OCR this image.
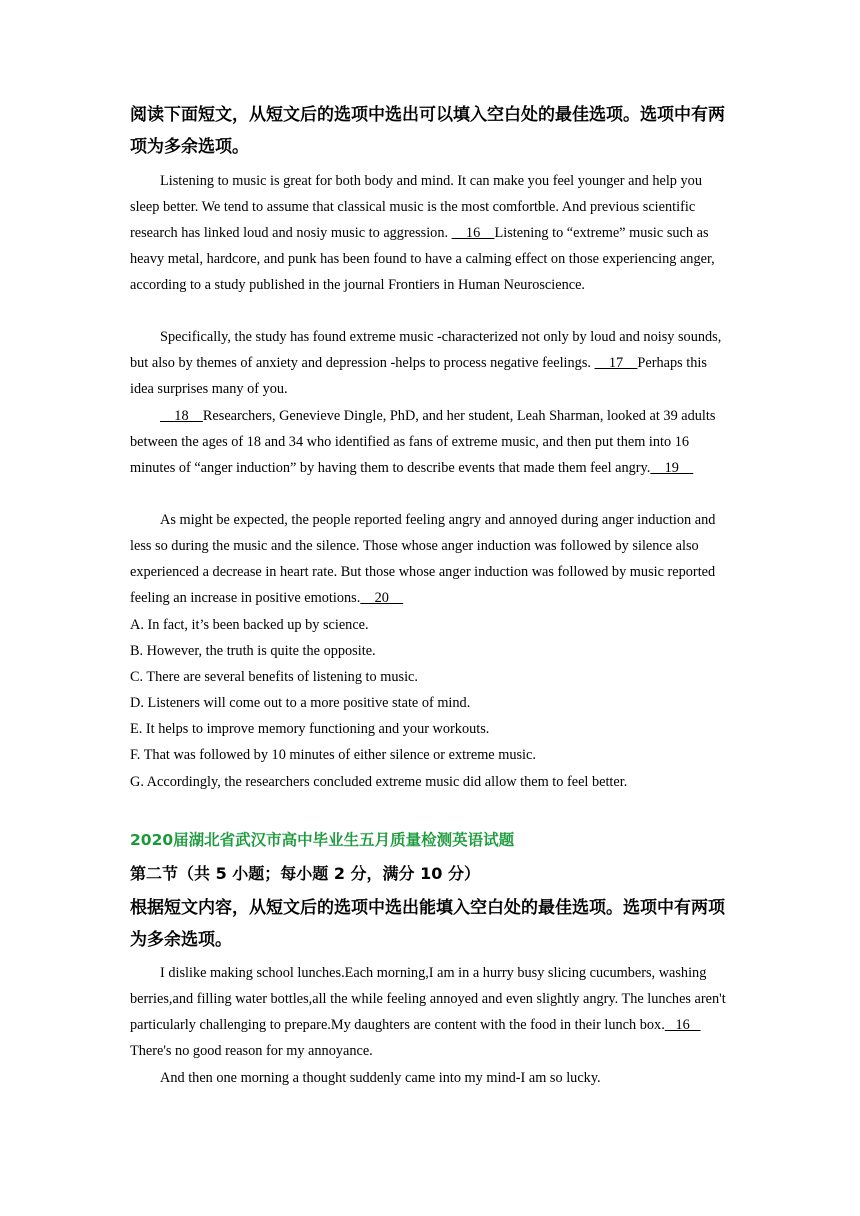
阅读下面短文，从短文后的选项中选出可以填入空白处的最佳选项。选项中有两项为多余选项。

Listening to music is great for both body and mind. It can make you feel younger and help you sleep better. We tend to assume that classical music is the most comfortble. And previous scientific research has linked loud and nosiy music to aggression.     16    Listening to “extreme” music such as heavy metal, hardcore, and punk has been found to have a calming effect on those experiencing anger, according to a study published in the journal Frontiers in Human Neuroscience.

Specifically, the study has found extreme music -characterized not only by loud and noisy sounds, but also by themes of anxiety and depression -helps to process negative feelings.     17    Perhaps this idea surprises many of you.

18    Researchers, Genevieve Dingle, PhD, and her student, Leah Sharman, looked at 39 adults between the ages of 18 and 34 who identified as fans of extreme music, and then put them into 16 minutes of “anger induction” by having them to describe events that made them feel angry.    19

As might be expected, the people reported feeling angry and annoyed during anger induction and less so during the music and the silence. Those whose anger induction was followed by silence also experienced a decrease in heart rate. But those whose anger induction was followed by music reported feeling an increase in positive emotions.    20

A. In fact, it’s been backed up by science.
B. However, the truth is quite the opposite.
C. There are several benefits of listening to music.
D. Listeners will come out to a more positive state of mind.
E. It helps to improve memory functioning and your workouts.
F. That was followed by 10 minutes of either silence or extreme music.
G. Accordingly, the researchers concluded extreme music did allow them to feel better.
2020届湖北省武汉市高中毕业生五月质量检测英语试题
第二节（共 5 小题；每小题 2 分，满分 10 分）
根据短文内容，从短文后的选项中选出能填入空白处的最佳选项。选项中有两项为多余选项。

I dislike making school lunches.Each morning,I am in a hurry busy slicing cucumbers, washing berries,and filling water bottles,all the while feeling annoyed and even slightly angry. The lunches aren't particularly challenging to prepare.My daughters are content with the food in their lunch box.   16    There's no good reason for my annoyance.

And then one morning a thought suddenly came into my mind-I am so lucky.
